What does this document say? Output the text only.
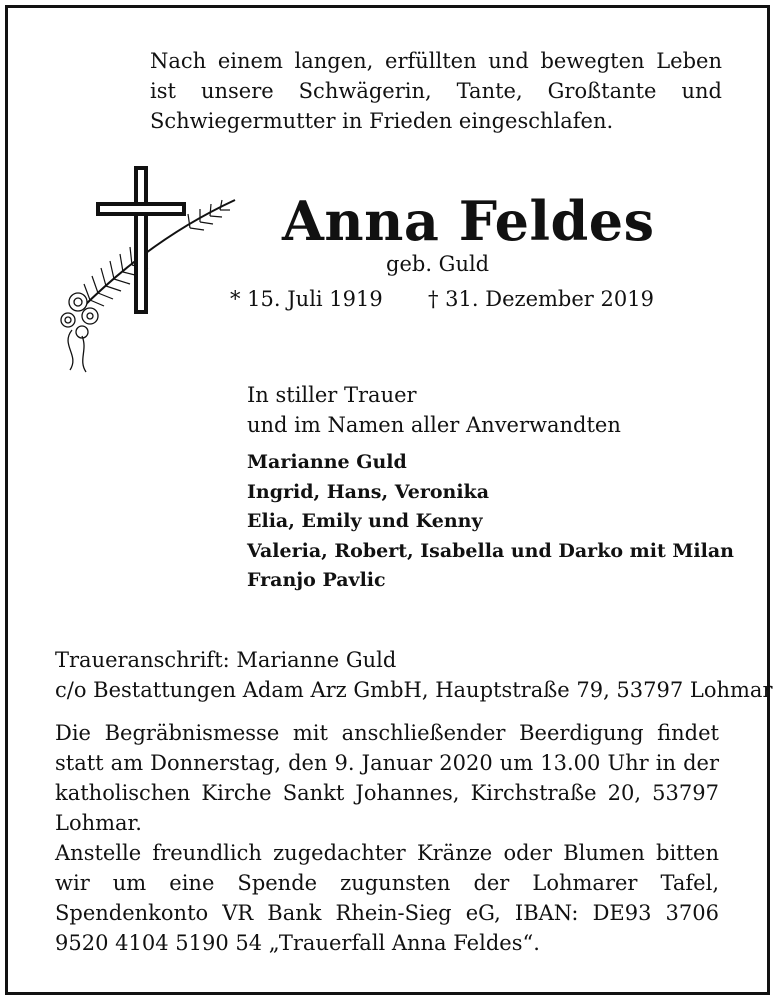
Nach einem langen, erfüllten und bewegten Leben ist unsere Schwägerin, Tante, Großtante und Schwiegermutter in Frieden eingeschlafen.
Anna Feldes
geb. Guld
* 15. Juli 1919 † 31. Dezember 2019
In stiller Trauer
und im Namen aller Anverwandten
Marianne Guld
Ingrid, Hans, Veronika
Elia, Emily und Kenny
Valeria, Robert, Isabella und Darko mit Milan
Franjo Pavlic
Traueranschrift: Marianne Guld
c/o Bestattungen Adam Arz GmbH, Hauptstraße 79, 53797 Lohmar
Die Begräbnismesse mit anschließender Beerdigung findet statt am Donnerstag, den 9. Januar 2020 um 13.00 Uhr in der katholischen Kirche Sankt Johannes, Kirchstraße 20, 53797 Lohmar.
Anstelle freundlich zugedachter Kränze oder Blumen bitten wir um eine Spende zugunsten der Lohmarer Tafel, Spendenkonto VR Bank Rhein-Sieg eG, IBAN: DE93 3706 9520 4104 5190 54 „Trauerfall Anna Feldes“.
